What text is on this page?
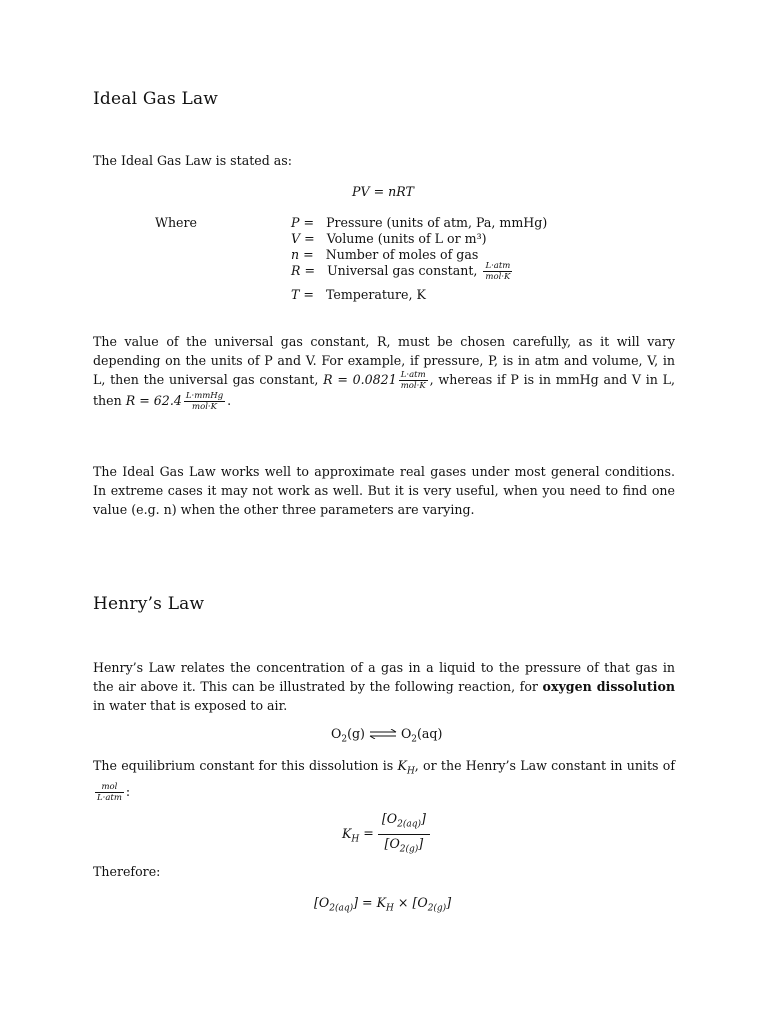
Ideal Gas Law
The Ideal Gas Law is stated as:
PV = nRT
Where	P =   Pressure (units of atm, Pa, mmHg)
V =   Volume (units of L or m³)
n =   Number of moles of gas
R =   Universal gas constant, $\frac{\text{L·atm}}{\text{mol·K}}$
T =   Temperature, K
The value of the universal gas constant, R, must be chosen carefully, as it will vary depending on the units of P and V. For example, if pressure, P, is in atm and volume, V, in L, then the universal gas constant, $R = 0.0821 \frac{\text{L·atm}}{\text{mol·K}}$ , whereas if P is in mmHg and V in L, then $R = 62.4 \frac{\text{L·mmHg}}{\text{mol·K}}$ .
The Ideal Gas Law works well to approximate real gases under most general conditions. In extreme cases it may not work as well. But it is very useful, when you need to find one value (e.g. n) when the other three parameters are varying.
Henry’s Law
Henry’s Law relates the concentration of a gas in a liquid to the pressure of that gas in the air above it. This can be illustrated by the following reaction, for oxygen dissolution in water that is exposed to air.
$O_2(g)$ ⇌ $O_2(aq)$
The equilibrium constant for this dissolution is $K_H$, or the Henry’s Law constant in units of
$\frac{\text{mol}}{\text{L·atm}}$ :
$K_H = \frac{[O_{2(aq)}]}{[O_{2(g)}]}$
Therefore:
$[O_{2(aq)}] = K_H \times [O_{2(g)}]$
